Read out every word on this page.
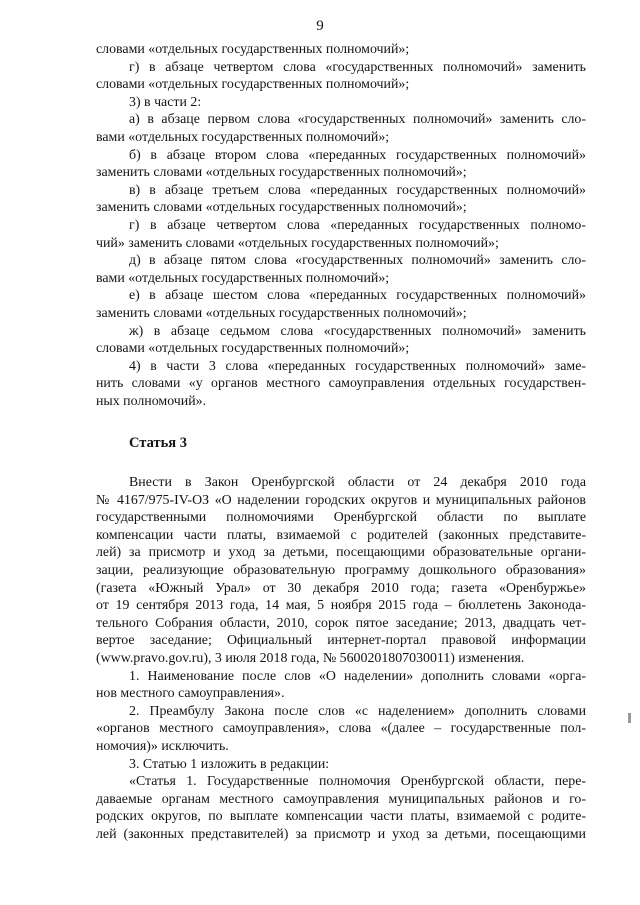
9

словами «отдельных государственных полномочий»;

г) в абзаце четвертом слова «государственных полномочий» заменить

словами «отдельных государственных полномочий»;

3) в части 2:

а) в абзаце первом слова «государственных полномочий» заменить сло-

вами «отдельных государственных полномочий»;

б) в абзаце втором слова «переданных государственных полномочий»

заменить словами «отдельных государственных полномочий»;

в) в абзаце третьем слова «переданных государственных полномочий»

заменить словами «отдельных государственных полномочий»;

г) в абзаце четвертом слова «переданных государственных полномо-

чий» заменить словами «отдельных государственных полномочий»;

д) в абзаце пятом слова «государственных полномочий» заменить сло-

вами «отдельных государственных полномочий»;

е) в абзаце шестом слова «переданных государственных полномочий»

заменить словами «отдельных государственных полномочий»;

ж) в абзаце седьмом слова «государственных полномочий» заменить

словами «отдельных государственных полномочий»;

4) в части 3 слова «переданных государственных полномочий» заме-

нить словами «у органов местного самоуправления отдельных государствен-

ных полномочий».

Статья 3

Внести в Закон Оренбургской области от 24 декабря 2010 года

№ 4167/975-IV-ОЗ «О наделении городских округов и муниципальных районов

государственными полномочиями Оренбургской области по выплате

компенсации части платы, взимаемой с родителей (законных представите-

лей) за присмотр и уход за детьми, посещающими образовательные органи-

зации, реализующие образовательную программу дошкольного образования»

(газета «Южный Урал» от 30 декабря 2010 года; газета «Оренбуржье»

от 19 сентября 2013 года, 14 мая, 5 ноября 2015 года – бюллетень Законода-

тельного Собрания области, 2010, сорок пятое заседание; 2013, двадцать чет-

вертое заседание; Официальный интернет-портал правовой информации

(www.pravo.gov.ru), 3 июля 2018 года, № 5600201807030011) изменения.

1. Наименование после слов «О наделении» дополнить словами «орга-

нов местного самоуправления».

2. Преамбулу Закона после слов «с наделением» дополнить словами

«органов местного самоуправления», слова «(далее – государственные пол-

номочия)» исключить.

3. Статью 1 изложить в редакции:

«Статья 1. Государственные полномочия Оренбургской области, пере-

даваемые органам местного самоуправления муниципальных районов и го-

родских округов, по выплате компенсации части платы, взимаемой с родите-

лей (законных представителей) за присмотр и уход за детьми, посещающими
